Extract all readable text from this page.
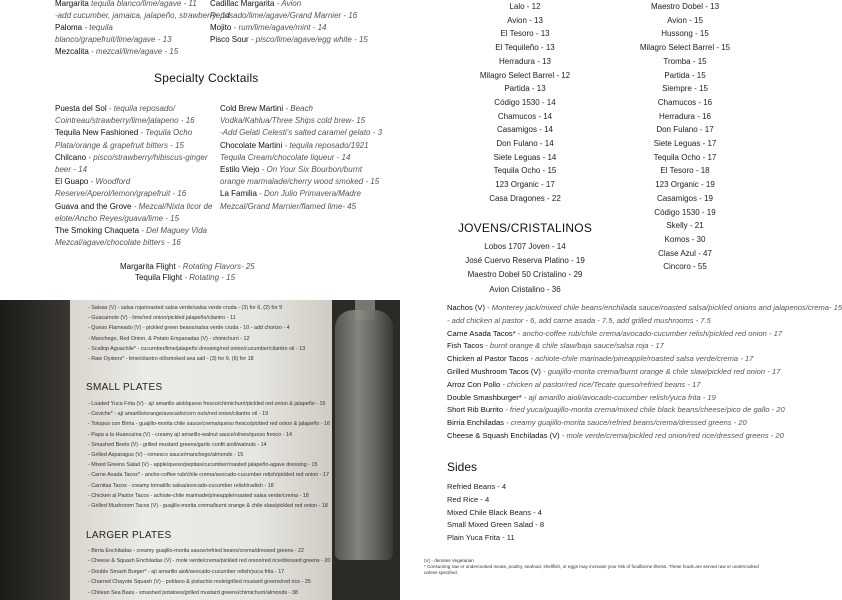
Margarita tequila blanco/lime/agave - 11
-add cucumber, jamaica, jalapeño, strawberry- 14
Paloma - tequila
blanco/grapefruit/lime/agave - 13
Mezcalita - mezcal/lime/agave - 15
Cadillac Margarita - Avion
Reposado/lime/agave/Grand Marnier - 16
Mojito - rum/lime/agave/mint - 14
Pisco Sour - pisco/lime/agave/egg white - 15
Specialty Cocktails
Puesta del Sol - tequila reposado/
Cointreau/strawberry/lime/jalapeno - 16
Tequila New Fashioned - Tequila Ocho
Plata/orange & grapefruit bitters - 15
Chilcano - pisco/strawberry/hibiscus-ginger
beer - 14
El Guapo - Woodford
Reserve/Aperol/lemon/grapefruit - 16
Guava and the Grove - Mezcal/Nixta licor de
elote/Ancho Reyes/guava/lime - 15
The Smoking Chaqueta - Del Maguey Vida
Mezcal/agave/chocolate bitters - 16
Cold Brew Martini - Beach
Vodka/Kahlua/Three Ships cold brew- 15
-Add Gelati Celesti's salted caramel gelato - 3
Chocolate Martini - tequila reposado/1921
Tequila Cream/chocolate liqueur - 14
Estilo Viejo - On Your Six Bourbon/burnt
orange marmalade/cherry wood smoked - 15
La Familia - Don Julio Primavera/Madre
Mezcal/Grand Marnier/flamed lime- 45
Margarita Flight - Rotating Flavors- 25
Tequila Flight - Rotating - 15
Lalo - 12
Avion - 13
El Tesoro - 13
El Tequileño - 13
Herradura - 13
Milagro Select Barrel - 12
Partida - 13
Código 1530 - 14
Chamucos - 14
Casamigos - 14
Don Fulano - 14
Siete Leguas - 14
Tequila Ocho - 15
123 Organic - 17
Casa Dragones - 22
Maestro Dobel - 13
Avion - 15
Hussong - 15
Milagro Select Barrel - 15
Tromba - 15
Partida - 15
Siempre - 15
Chamucos - 16
Herradura - 16
Don Fulano - 17
Siete Leguas - 17
Tequila Ocho - 17
El Tesoro - 18
123 Organic - 19
Casamigos - 19
Código 1530 - 19
Skelly - 21
Komos - 30
Clase Azul - 47
Cincoro - 55
JOVENS/CRISTALINOS
Lobos 1707 Joven - 14
José Cuervo Reserva Platino - 19
Maestro Dobel 50 Cristalino - 29
Avion Cristalino - 36
- Salsas (V) - salsa roja/roasted salsa verde/salsa verde cruda - (3) for 6, (2) for 9
- Guacamole (V) - lime/red onion/pickled jalapeño/cilantro - 11
- Queso Flameado (V) - pickled green beans/salsa verde cruda - 10 - add chorizo - 4
- Manchego, Red Onion, & Potato Empanadas (V) - chimichurri - 12
- Scallop Aguachile* - cucumber/lime/jalapeño dressing/red onion/cucumber/cilantro oil - 13
- Raw Oysters* - lime/cilantro oil/smoked sea salt - (3) for 9, (6) for 18
SMALL PLATES
- Loaded Yuca Frita (V) - ají amarillo aioli/queso fresco/chimichurri/pickled red onion & jalapeño - 15
- Ceviche* - ají amarillo/orange/avocado/corn nuts/red onion/cilantro oil - 19
- Totopos con Birria - guajillo-morita chile sauce/crema/queso fresco/pickled red onion & jalapeño - 16
- Papa a la Huancaína (V) - creamy ají amarillo-walnut sauce/olives/queso fresco - 14
- Smashed Beets (V) - grilled mustard greens/garlic confit aioli/walnuts - 14
- Grilled Asparagus (V) - romesco sauce/manchego/almonds - 15
- Mixed Greens Salad (V) - apple/queso/pepitas/cucumber/roasted jalapeño-agave dressing - 15
- Carne Asada Tacos* - ancho-coffee rub/chile crema/avocado-cucumber relish/pickled red onion - 17
- Carnitas Tacos - creamy tomatillo salsa/avocado-cucumber relish/radish - 18
- Chicken al Pastor Tacos - achiote-chile marinade/pineapple/roasted salsa verde/crema - 18
- Grilled Mushroom Tacos (V) - guajillo-morita crema/burnt orange & chile slaw/pickled red onion - 18
LARGER PLATES
- Birria Enchiladas - creamy guajillo-morita sauce/refried beans/crema/dressed greens - 22
- Cheese & Squash Enchiladas (V) - mole verde/crema/pickled red onion/red rice/dressed greens - 20
- Double Smash Burger* - ají amarillo aioli/avocado-cucumber relish/yuca frita - 17
- Charred Chayote Squash (V) - poblano & pistachio mole/grilled mustard greens/red rice - 25
- Chilean Sea Bass - smashed potatoes/grilled mustard greens/chimichurri/almonds - 38
Nachos (V) - Monterey jack/mixed chile beans/enchilada sauce/roasted salsa/pickled onions and jalapenos/crema- 15
- add chicken al pastor - 6, add carne asada - 7.5, add grilled mushrooms - 7.5
Carne Asada Tacos* - ancho-coffee rub/chile crema/avocado-cucumber relish/pickled red onion - 17
Fish Tacos - burnt orange & chile slaw/baja sauce/salsa roja - 17
Chicken al Pastor Tacos - achiote-chile marinade/pineapple/roasted salsa verde/crema - 17
Grilled Mushroom Tacos (V) - guajillo-morita crema/burnt orange & chile slaw/pickled red onion - 17
Arroz Con Pollo - chicken al pastor/red rice/Tecate queso/refried beans - 17
Double Smashburger* - ají amarillo aioli/avocado-cucumber relish/yuca frita - 19
Short Rib Burrito - fried yuca/guajillo-morita crema/mixed chile black beans/cheese/pico de gallo - 20
Birria Enchiladas - creamy guajillo-morita sauce/refried beans/crema/dressed greens - 20
Cheese & Squash Enchiladas (V) - mole verde/crema/pickled red onion/red rice/dressed greens - 20
Sides
Refried Beans - 4
Red Rice - 4
Mixed Chile Black Beans - 4
Small Mixed Green Salad - 8
Plain Yuca Frita - 11
(V) - denotes Vegetarian
* Consuming raw or undercooked meats, poultry, seafood, shellfish, or eggs may increase your risk of foodborne illness. These foods are served raw or undercooked unless specified.
